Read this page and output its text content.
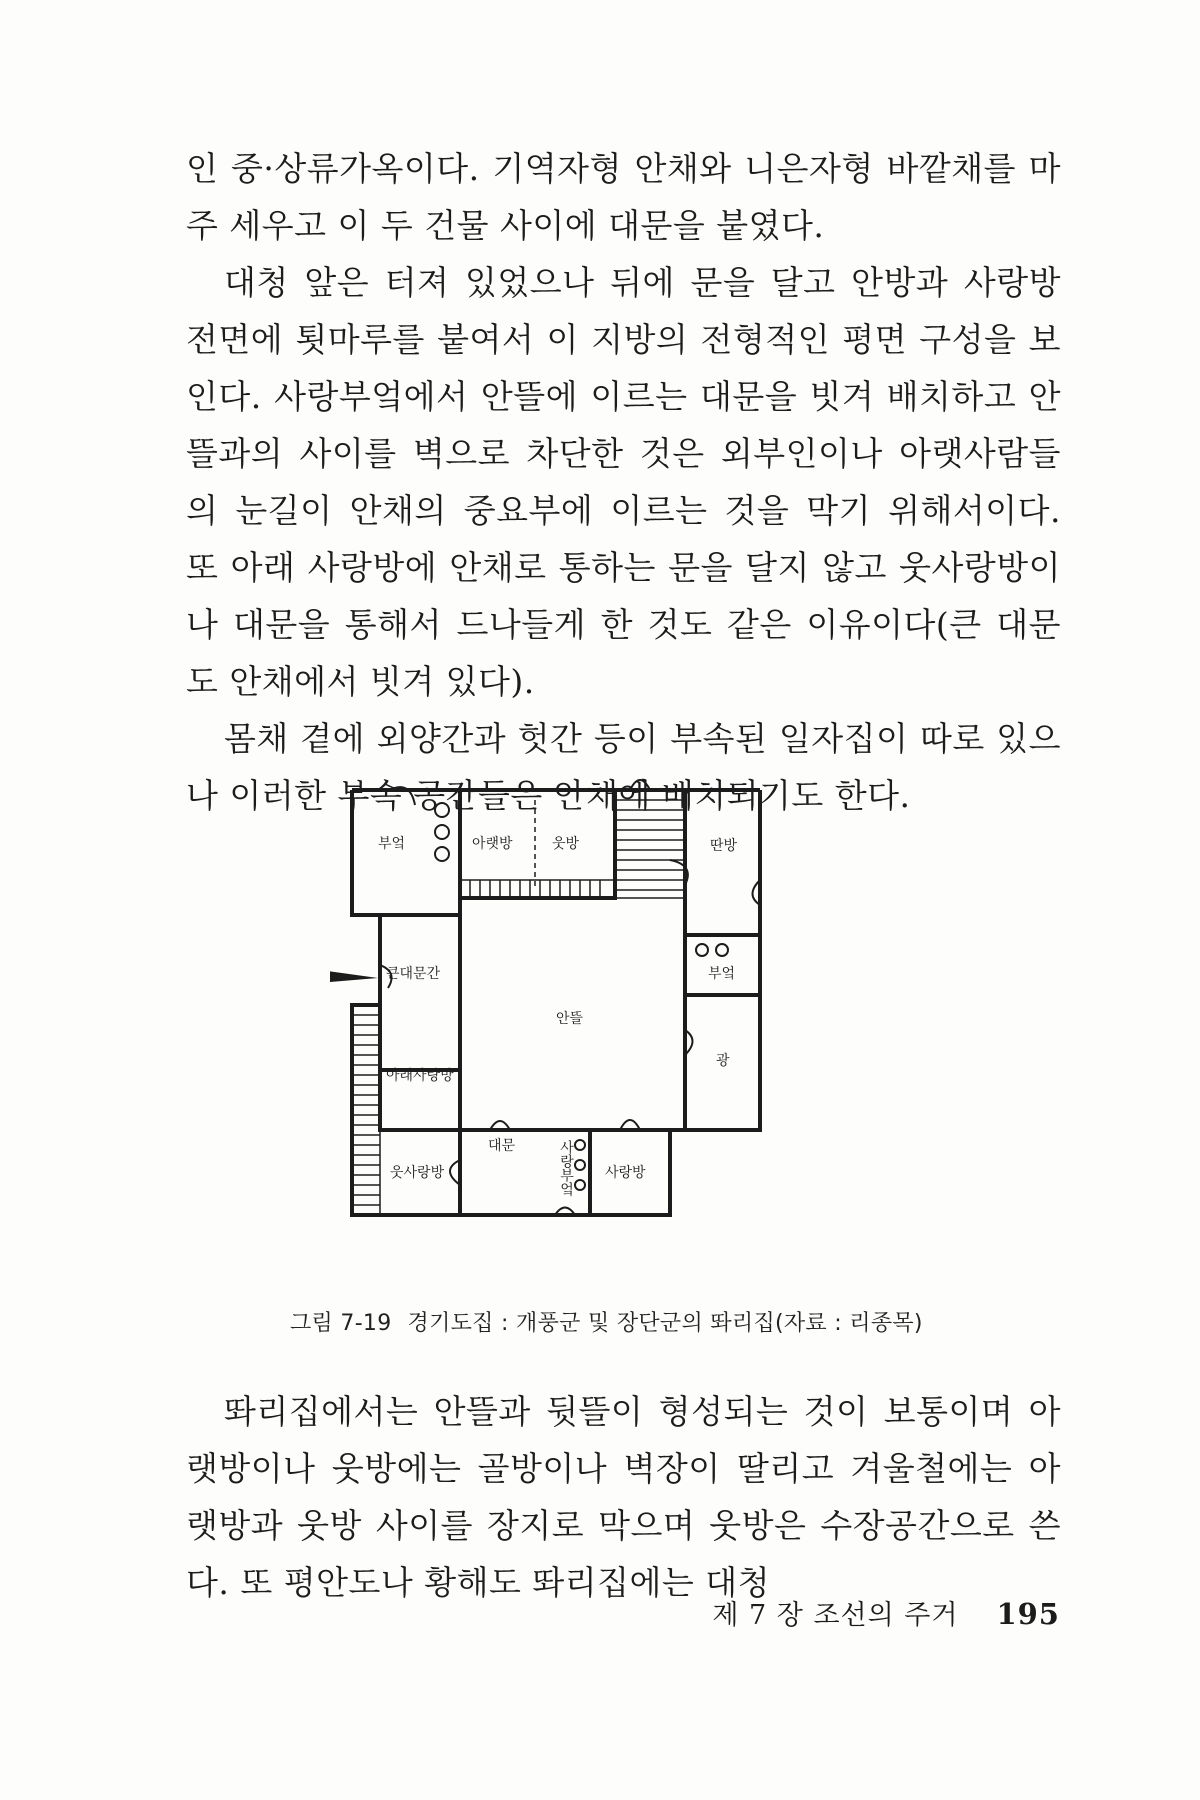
인 중·상류가옥이다. 기역자형 안채와 니은자형 바깥채를 마주 세우고 이 두 건물 사이에 대문을 붙였다.

대청 앞은 터져 있었으나 뒤에 문을 달고 안방과 사랑방 전면에 툇마루를 붙여서 이 지방의 전형적인 평면 구성을 보인다. 사랑부엌에서 안뜰에 이르는 대문을 빗겨 배치하고 안뜰과의 사이를 벽으로 차단한 것은 외부인이나 아랫사람들의 눈길이 안채의 중요부에 이르는 것을 막기 위해서이다. 또 아래 사랑방에 안채로 통하는 문을 달지 않고 웃사랑방이나 대문을 통해서 드나들게 한 것도 같은 이유이다(큰 대문도 안채에서 빗겨 있다).

몸채 곁에 외양간과 헛간 등이 부속된 일자집이 따로 있으나 이러한 부속 공간들은 안채에 배치되기도 한다.

부엌	아랫방	웃방	딴방
부엌
큰대문간
안뜰
아래사랑방
광
대문	사랑부엌
웃사랑방	사랑방
그림 7-19 경기도집 : 개풍군 및 장단군의 똬리집(자료 : 리종목)

똬리집에서는 안뜰과 뒷뜰이 형성되는 것이 보통이며 아랫방이나 웃방에는 골방이나 벽장이 딸리고 겨울철에는 아랫방과 웃방 사이를 장지로 막으며 웃방은 수장공간으로 쓴다. 또 평안도나 황해도 똬리집에는 대청

제 7 장 조선의 주거 195
